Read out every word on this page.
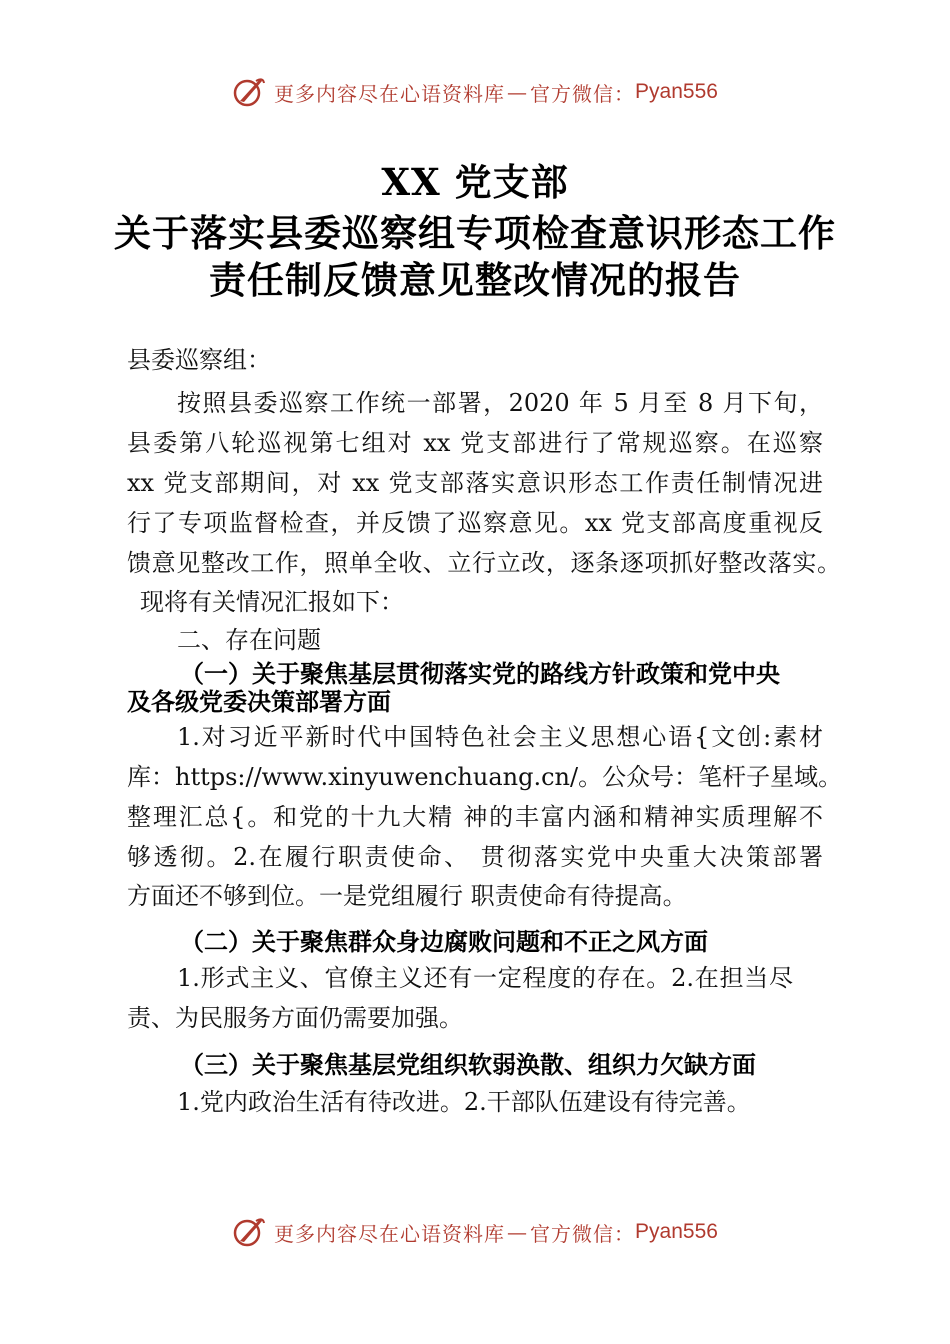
更多内容尽在心语资料库 — 官方微信： Pyan556
XX 党支部
关于落实县委巡察组专项检查意识形态工作
责任制反馈意见整改情况的报告
县委巡察组：
按照县委巡察工作统一部署，2020 年 5 月至 8 月下旬，
县委第八轮巡视第七组对 xx 党支部进行了常规巡察。在巡察
xx 党支部期间，对 xx 党支部落实意识形态工作责任制情况进
行了专项监督检查，并反馈了巡察意见。xx 党支部高度重视反
馈意见整改工作，照单全收、立行立改，逐条逐项抓好整改落实。
现将有关情况汇报如下：
二、存在问题
（一）关于聚焦基层贯彻落实党的路线方针政策和党中央
及各级党委决策部署方面
1.对习近平新时代中国特色社会主义思想心语{文创:素材
库：https://www.xinyuwenchuang.cn/。公众号：笔杆子星域。
整理汇总{。和党的十九大精 神的丰富内涵和精神实质理解不
够透彻。2.在履行职责使命、 贯彻落实党中央重大决策部署
方面还不够到位。一是党组履行 职责使命有待提高。
（二）关于聚焦群众身边腐败问题和不正之风方面
1.形式主义、官僚主义还有一定程度的存在。2.在担当尽
责、为民服务方面仍需要加强。
（三）关于聚焦基层党组织软弱涣散、组织力欠缺方面
1.党内政治生活有待改进。2.干部队伍建设有待完善。
更多内容尽在心语资料库 — 官方微信： Pyan556
